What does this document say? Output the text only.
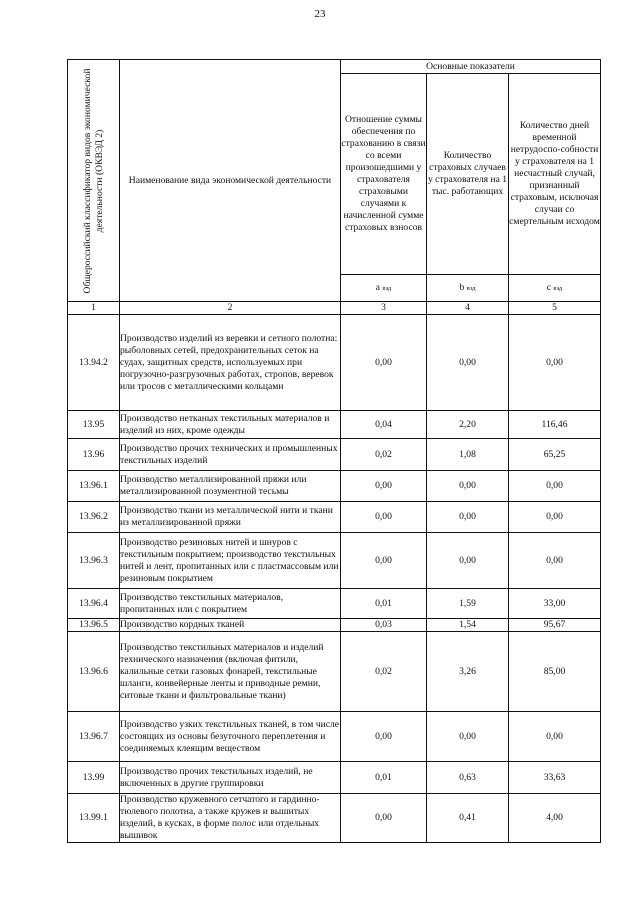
23
Общероссийский классификатор видов экономической деятельности (ОКВЭД 2)	Наименование вида экономической деятельности	Основные показатели		
		Отношение суммы обеспечения по страхованию в связи со всеми произошедшими у страхователя страховыми случаями к начисленной сумме страховых взносов	Количество страховых случаев у страхователя на 1 тыс. работающих	Количество дней временной нетрудоспо-собности у страхователя на 1 несчастный случай, признанный страховым, исключая случаи со смертельным исходом
		a вэд	b вэд	c вэд
1	2	3	4	5
13.94.2	Производство изделий из веревки и сетного полотна: рыболовных сетей, предохранительных сеток на судах, защитных средств, используемых при погрузочно-разгрузочных работах, стропов, веревок или тросов с металлическими кольцами	0,00	0,00	0,00
13.95	Производство нетканых текстильных материалов и изделий из них, кроме одежды	0,04	2,20	116,46
13.96	Производство прочих технических и промышленных текстильных изделий	0,02	1,08	65,25
13.96.1	Производство металлизированной пряжи или металлизированной позументной тесьмы	0,00	0,00	0,00
13.96.2	Производство ткани из металлической нити и ткани из металлизированной пряжи	0,00	0,00	0,00
13.96.3	Производство резиновых нитей и шнуров с текстильным покрытием; производство текстильных нитей и лент, пропитанных или с пластмассовым или резиновым покрытием	0,00	0,00	0,00
13.96.4	Производство текстильных материалов, пропитанных или с покрытием	0,01	1,59	33,00
13.96.5	Производство кордных тканей	0,03	1,54	95,67
13.96.6	Производство текстильных материалов и изделий технического назначения (включая фитили, калильные сетки газовых фонарей, текстильные шланги, конвейерные ленты и приводные ремни, ситовые ткани и фильтровальные ткани)	0,02	3,26	85,00
13.96.7	Производство узких текстильных тканей, в том числе состоящих из основы безуточного переплетения и соединяемых клеящим веществом	0,00	0,00	0,00
13.99	Производство прочих текстильных изделий, не включенных в другие группировки	0,01	0,63	33,63
13.99.1	Производство кружевного сетчатого и гардинно-тюлевого полотна, а также кружев и вышитых изделий, в кусках, в форме полос или отдельных вышивок	0,00	0,41	4,00
